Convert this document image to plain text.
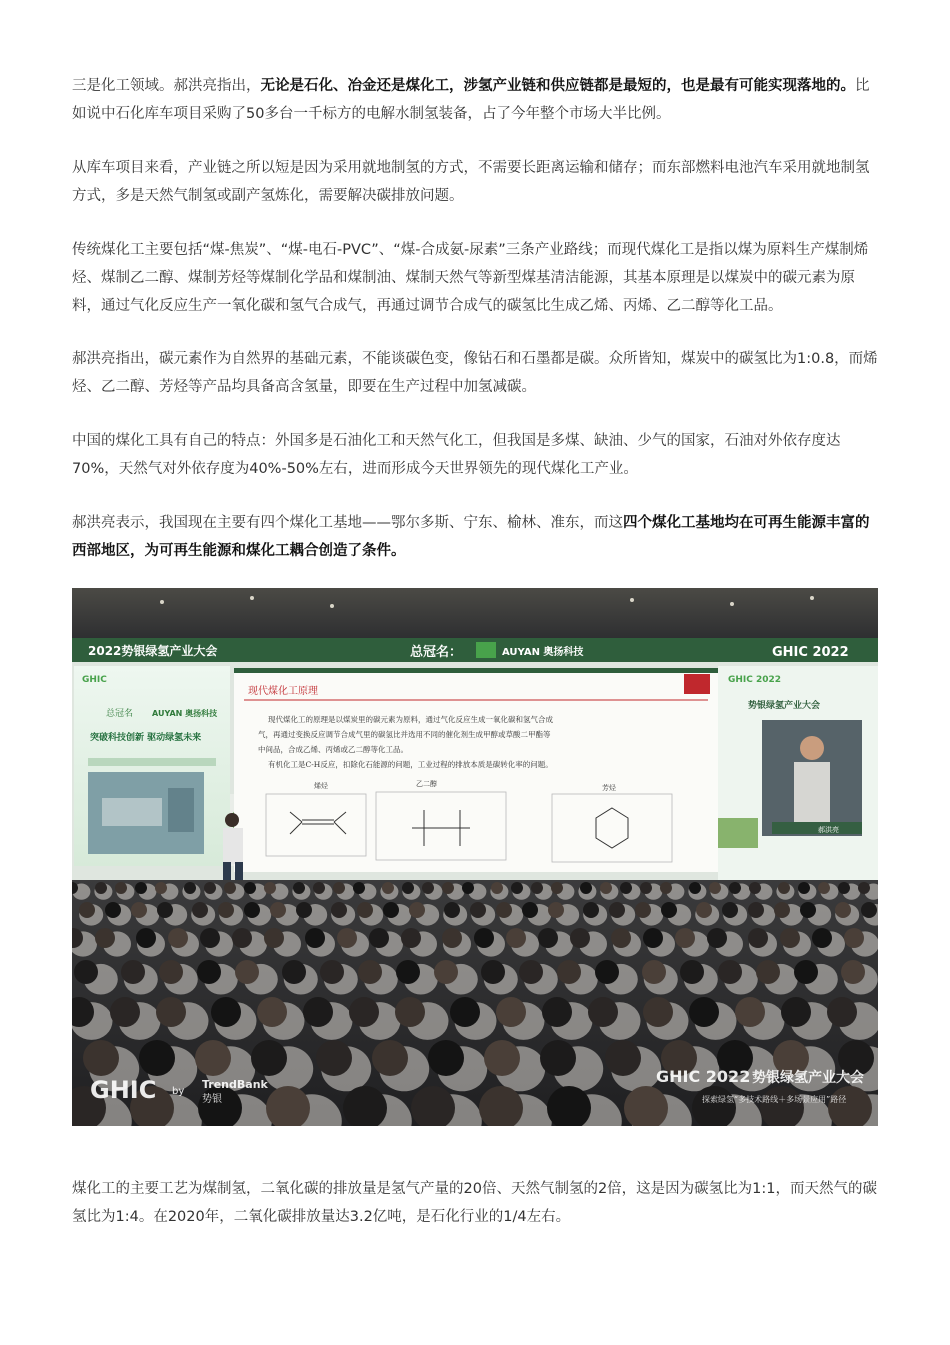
三是化工领域。郝洪亮指出，无论是石化、冶金还是煤化工，涉氢产业链和供应链都是最短的，也是最有可能实现落地的。比如说中石化库车项目采购了50多台一千标方的电解水制氢装备，占了今年整个市场大半比例。

从库车项目来看，产业链之所以短是因为采用就地制氢的方式，不需要长距离运输和储存；而东部燃料电池汽车采用就地制氢方式，多是天然气制氢或副产氢炼化，需要解决碳排放问题。

传统煤化工主要包括“煤-焦炭”、“煤-电石-PVC”、“煤-合成氨-尿素”三条产业路线；而现代煤化工是指以煤为原料生产煤制烯烃、煤制乙二醇、煤制芳烃等煤制化学品和煤制油、煤制天然气等新型煤基清洁能源，其基本原理是以煤炭中的碳元素为原料，通过气化反应生产一氧化碳和氢气合成气，再通过调节合成气的碳氢比生成乙烯、丙烯、乙二醇等化工品。

郝洪亮指出，碳元素作为自然界的基础元素，不能谈碳色变，像钻石和石墨都是碳。众所皆知，煤炭中的碳氢比为1:0.8，而烯烃、乙二醇、芳烃等产品均具备高含氢量，即要在生产过程中加氢减碳。

中国的煤化工具有自己的特点：外国多是石油化工和天然气化工，但我国是多煤、缺油、少气的国家，石油对外依存度达70%，天然气对外依存度为40%-50%左右，进而形成今天世界领先的现代煤化工产业。

郝洪亮表示，我国现在主要有四个煤化工基地——鄂尔多斯、宁东、榆林、准东，而这四个煤化工基地均在可再生能源丰富的西部地区，为可再生能源和煤化工耦合创造了条件。

2022势银绿氢产业大会	总冠名：	AUYAN 奥扬科技	GHIC 2022
GHIC
总冠名 AUYAN 奥扬科技
突破科技创新 驱动绿氢未来
现代煤化工原理
现代煤化工的原理是以煤炭里的碳元素为原料，通过气化反应生成一氧化碳和氢气合成
气，再通过变换反应调节合成气里的碳氢比并选用不同的催化剂生成甲醇或草酸二甲酯等
中间品，合成乙烯、丙烯或乙二醇等化工品。
有机化工是C-H反应，扣除化石能源的问题，工业过程的排放本质是碳转化率的问题。
烯烃	乙二醇	芳烃
GHIC 2022
势银绿氢产业大会
郝洪亮
GHIC by
TrendBank
势银
GHIC 2022 势银绿氢产业大会
探索绿氢“多技术路线＋多场景应用”路径

煤化工的主要工艺为煤制氢，二氧化碳的排放量是氢气产量的20倍、天然气制氢的2倍，这是因为碳氢比为1:1，而天然气的碳氢比为1:4。在2020年，二氧化碳排放量达3.2亿吨，是石化行业的1/4左右。
